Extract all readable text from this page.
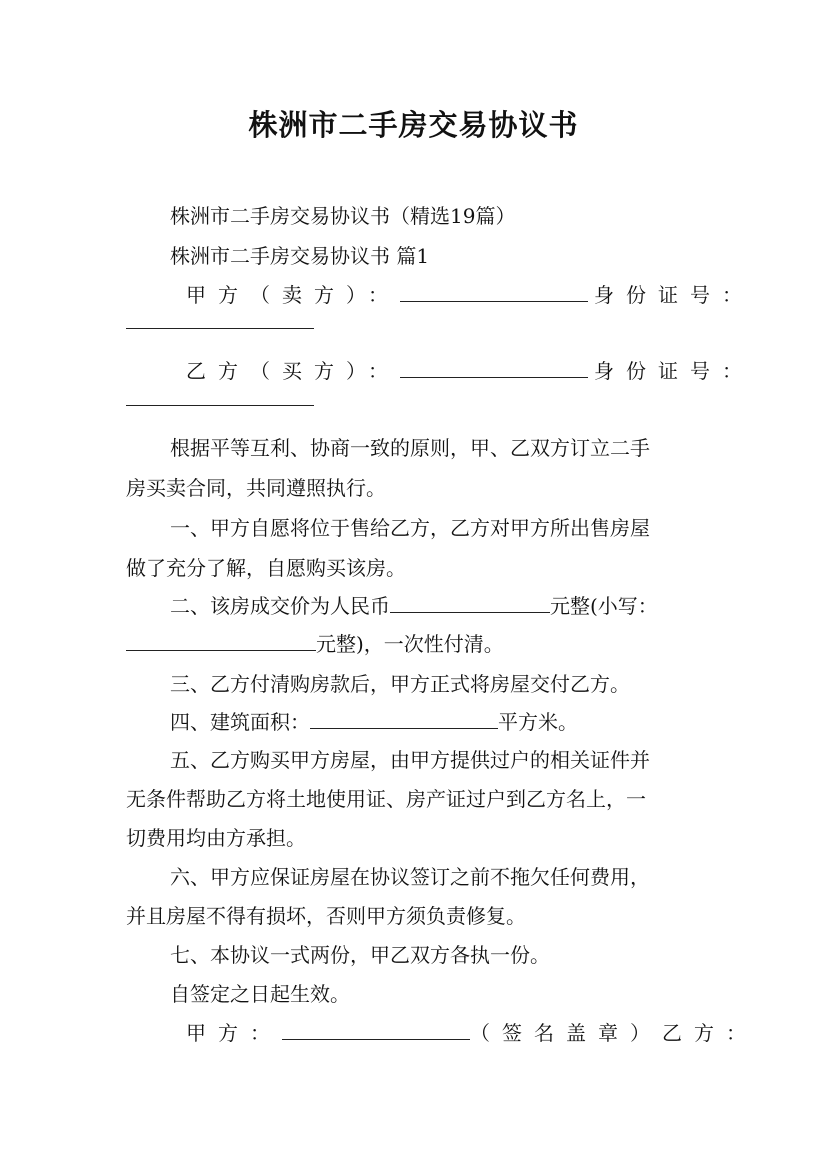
株洲市二手房交易协议书
株洲市二手房交易协议书（精选19篇）
株洲市二手房交易协议书 篇1
甲方（卖方）：	身份证号：
乙方（买方）：	身份证号：
根据平等互利、协商一致的原则，甲、乙双方订立二手
房买卖合同，共同遵照执行。
一、甲方自愿将位于售给乙方，乙方对甲方所出售房屋
做了充分了解，自愿购买该房。
二、该房成交价为人民币	元整(小写：
元整)，一次性付清。
三、乙方付清购房款后，甲方正式将房屋交付乙方。
四、建筑面积：	平方米。
五、乙方购买甲方房屋，由甲方提供过户的相关证件并
无条件帮助乙方将土地使用证、房产证过户到乙方名上，一
切费用均由方承担。
六、甲方应保证房屋在协议签订之前不拖欠任何费用，
并且房屋不得有损坏，否则甲方须负责修复。
七、本协议一式两份，甲乙双方各执一份。
自签定之日起生效。
甲方：	（签名盖章）乙方：
